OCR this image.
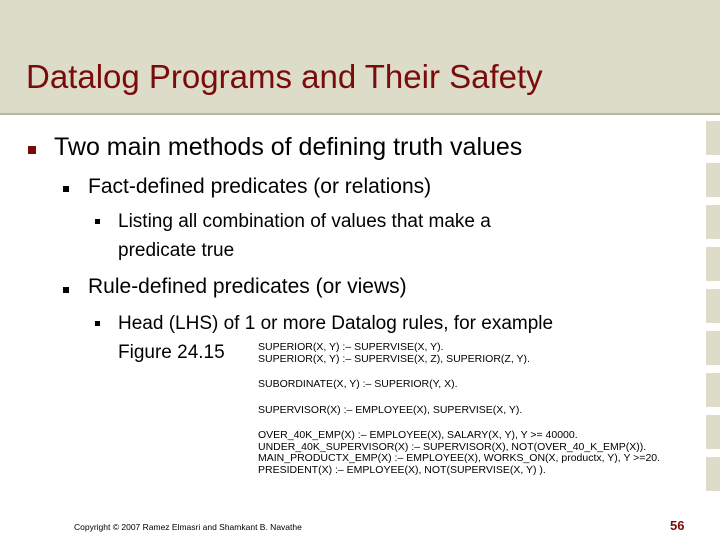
Datalog Programs and Their Safety
Two main methods of defining truth values
Fact-defined predicates (or relations)
Listing all combination of values that make a
predicate true
Rule-defined predicates (or views)
Head (LHS) of 1 or more Datalog rules, for example
Figure 24.15	SUPERIOR(X, Y) :– SUPERVISE(X, Y).
SUPERIOR(X, Y) :– SUPERVISE(X, Z), SUPERIOR(Z, Y).
SUBORDINATE(X, Y) :– SUPERIOR(Y, X).
SUPERVISOR(X) :– EMPLOYEE(X), SUPERVISE(X, Y).
OVER_40K_EMP(X) :– EMPLOYEE(X), SALARY(X, Y), Y >= 40000.
UNDER_40K_SUPERVISOR(X) :– SUPERVISOR(X), NOT(OVER_40_K_EMP(X)).
MAIN_PRODUCTX_EMP(X) :– EMPLOYEE(X), WORKS_ON(X, productx, Y), Y >=20.
PRESIDENT(X) :– EMPLOYEE(X), NOT(SUPERVISE(X, Y) ).
Copyright © 2007 Ramez Elmasri and Shamkant B. Navathe	56
